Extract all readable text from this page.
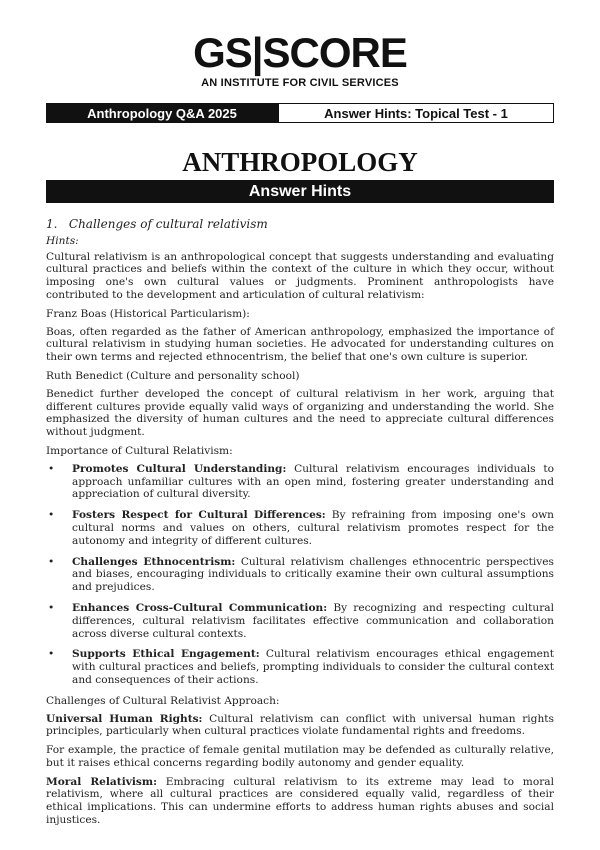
GS|SCORE
AN INSTITUTE FOR CIVIL SERVICES
Anthropology Q&A 2025	Answer Hints: Topical Test - 1
ANTHROPOLOGY
Answer Hints
1.   Challenges of cultural relativism
Hints:

Cultural relativism is an anthropological concept that suggests understanding and evaluating cultural practices and beliefs within the context of the culture in which they occur, without imposing one's own cultural values or judgments. Prominent anthropologists have contributed to the development and articulation of cultural relativism:

Franz Boas (Historical Particularism):

Boas, often regarded as the father of American anthropology, emphasized the importance of cultural relativism in studying human societies. He advocated for understanding cultures on their own terms and rejected ethnocentrism, the belief that one's own culture is superior.

Ruth Benedict (Culture and personality school)

Benedict further developed the concept of cultural relativism in her work, arguing that different cultures provide equally valid ways of organizing and understanding the world. She emphasized the diversity of human cultures and the need to appreciate cultural differences without judgment.

Importance of Cultural Relativism:
• Promotes Cultural Understanding: Cultural relativism encourages individuals to approach unfamiliar cultures with an open mind, fostering greater understanding and appreciation of cultural diversity.
• Fosters Respect for Cultural Differences: By refraining from imposing one's own cultural norms and values on others, cultural relativism promotes respect for the autonomy and integrity of different cultures.
• Challenges Ethnocentrism: Cultural relativism challenges ethnocentric perspectives and biases, encouraging individuals to critically examine their own cultural assumptions and prejudices.
• Enhances Cross-Cultural Communication: By recognizing and respecting cultural differences, cultural relativism facilitates effective communication and collaboration across diverse cultural contexts.
• Supports Ethical Engagement: Cultural relativism encourages ethical engagement with cultural practices and beliefs, prompting individuals to consider the cultural context and consequences of their actions.
Challenges of Cultural Relativist Approach:

Universal Human Rights: Cultural relativism can conflict with universal human rights principles, particularly when cultural practices violate fundamental rights and freedoms.

For example, the practice of female genital mutilation may be defended as culturally relative, but it raises ethical concerns regarding bodily autonomy and gender equality.

Moral Relativism: Embracing cultural relativism to its extreme may lead to moral relativism, where all cultural practices are considered equally valid, regardless of their ethical implications. This can undermine efforts to address human rights abuses and social injustices.
